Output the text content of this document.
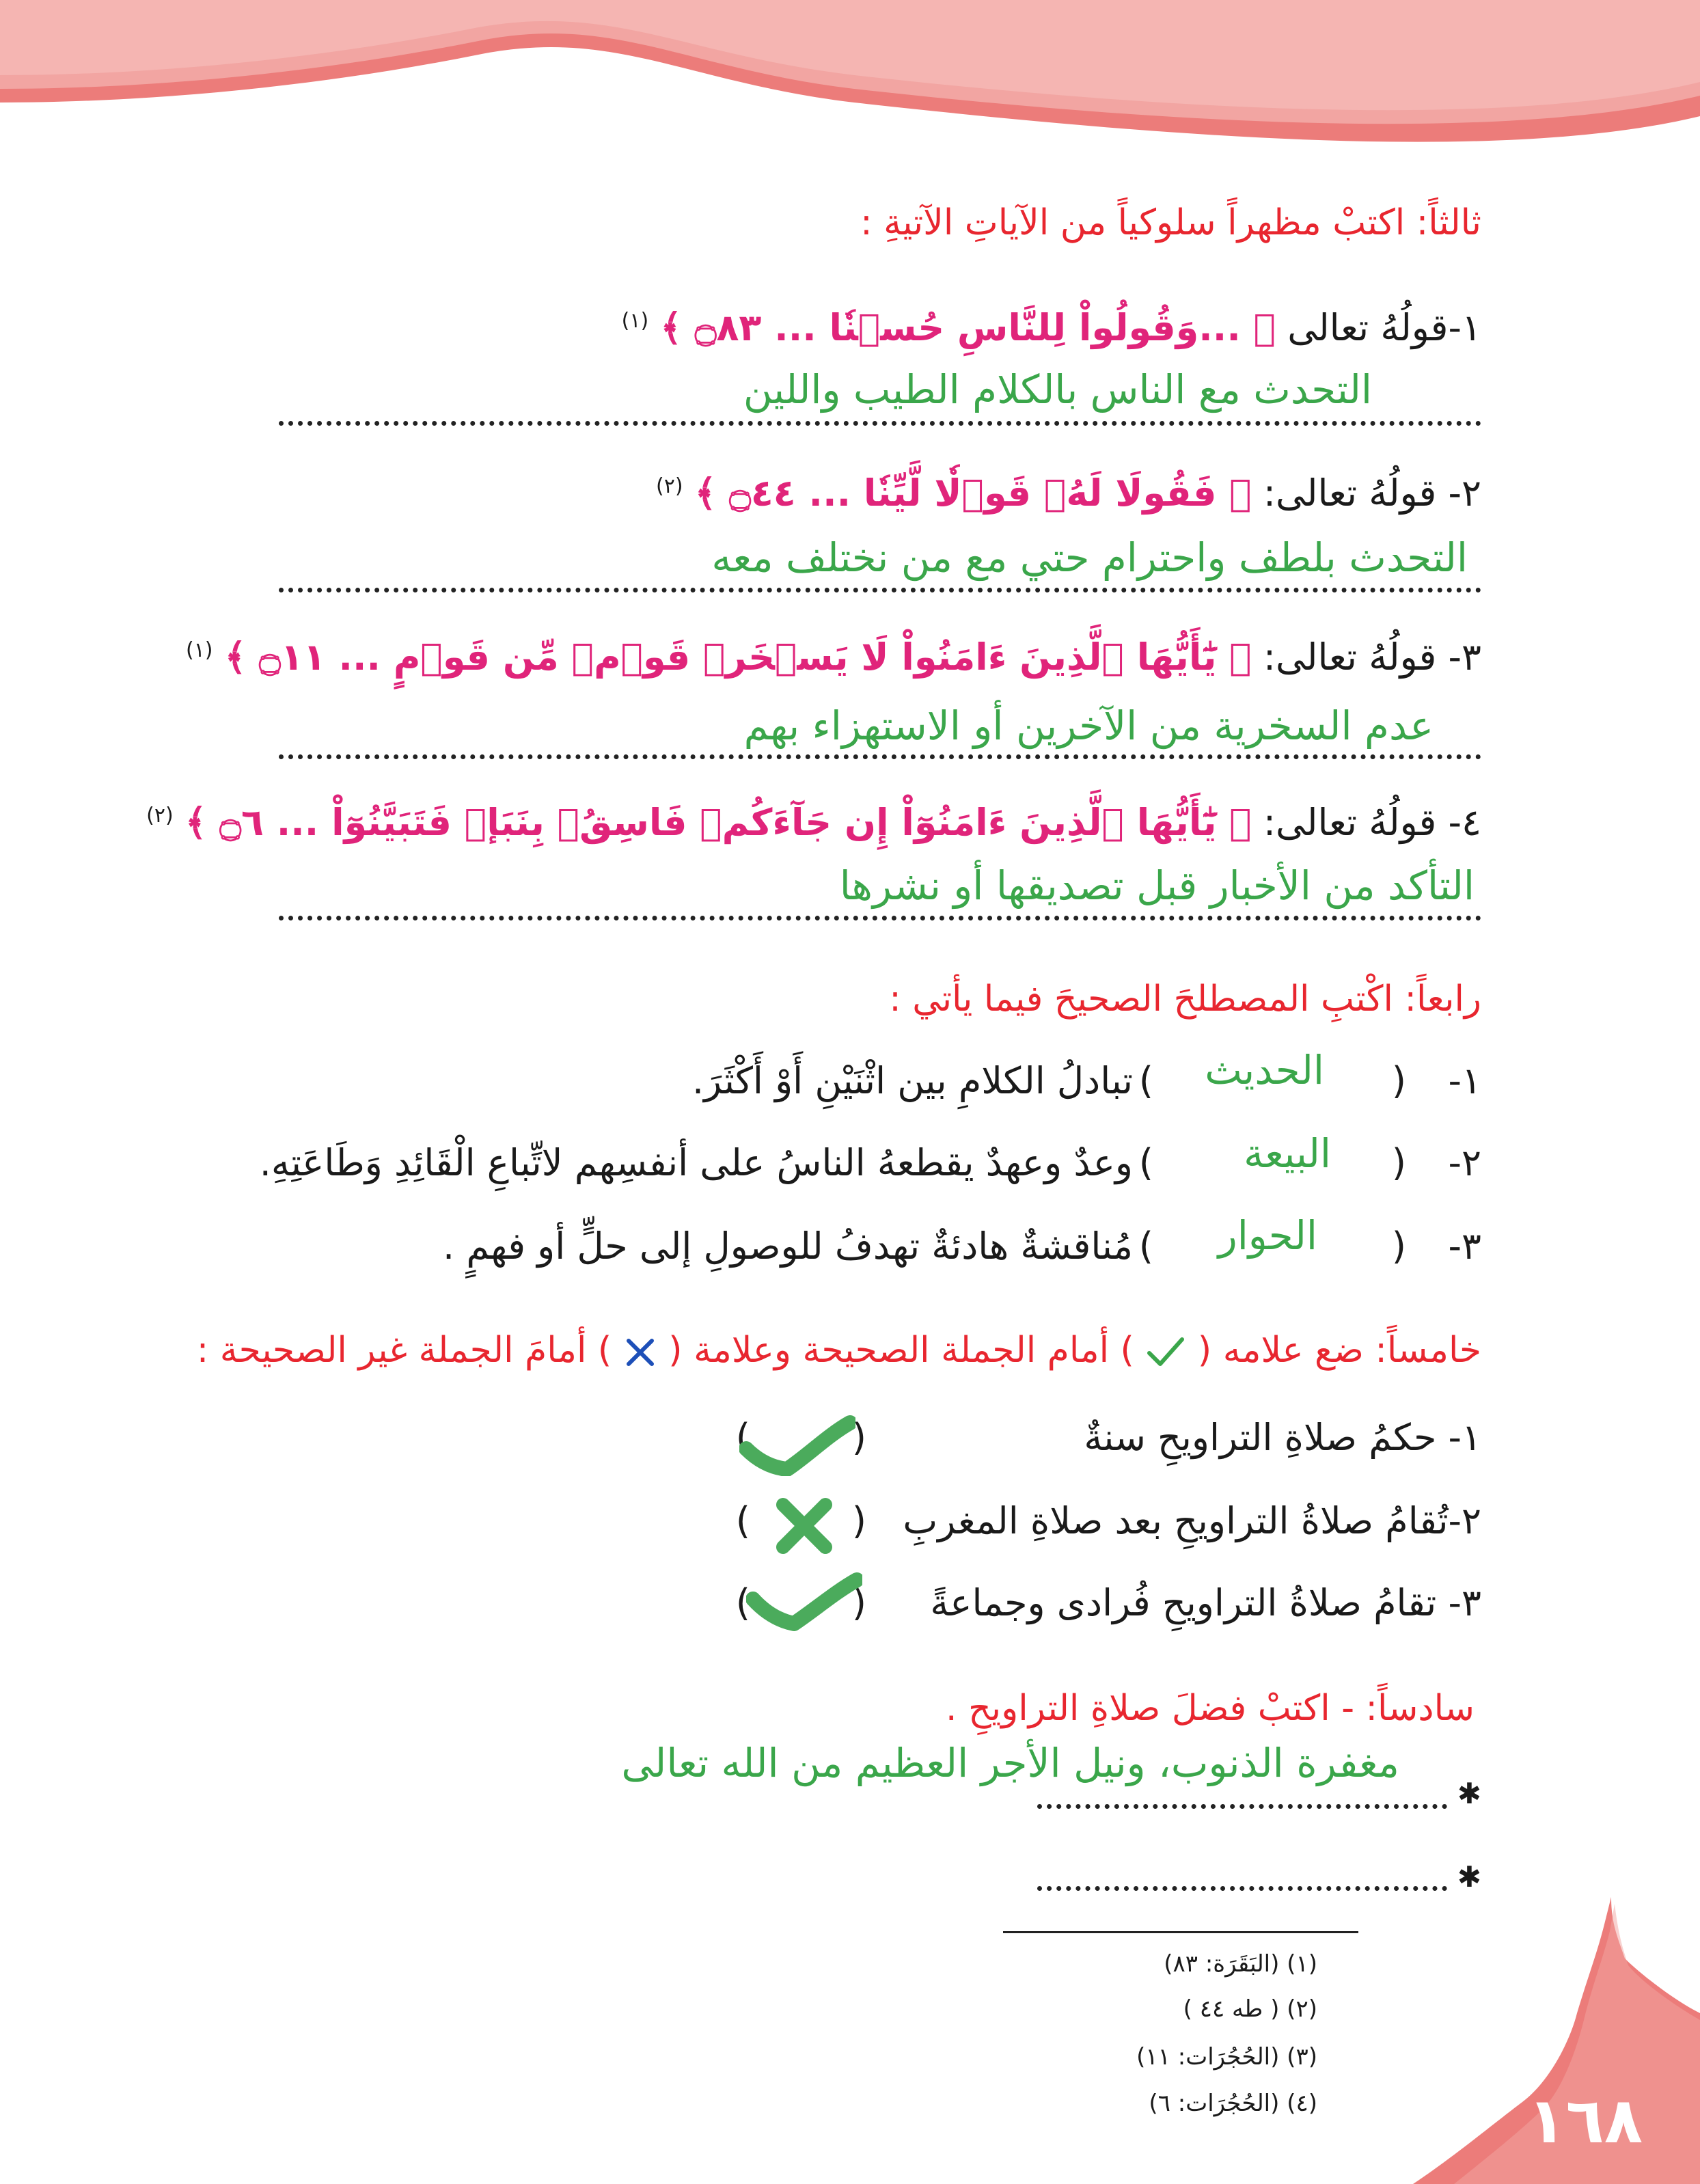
ثالثاً: اكتبْ مظهراً سلوكياً من الآياتِ الآتيةِ :
١-قولُهُ تعالى ﴿ ...وَقُولُواْ لِلنَّاسِ حُسۡنٗا ... ۝٨٣ ﴾ $^{(١)}$
التحدث مع الناس بالكلام الطيب واللين
٢- قولُهُ تعالى: ﴿ فَقُولَا لَهُۥ قَوۡلٗا لَّيِّنٗا ... ۝٤٤ ﴾ $^{(٢)}$
التحدث بلطف واحترام حتي مع من نختلف معه
٣- قولُهُ تعالى: ﴿ يَٰٓأَيُّهَا ٱلَّذِينَ ءَامَنُواْ لَا يَسۡخَرۡ قَوۡمٞ مِّن قَوۡمٍ ... ۝١١ ﴾ $^{(١)}$
عدم السخرية من الآخرين أو الاستهزاء بهم
٤- قولُهُ تعالى: ﴿ يَٰٓأَيُّهَا ٱلَّذِينَ ءَامَنُوٓاْ إِن جَآءَكُمۡ فَاسِقُۢ بِنَبَإٖ فَتَبَيَّنُوٓاْ ... ۝٦ ﴾ $^{(٢)}$
التأكد من الأخبار قبل تصديقها أو نشرها
رابعاً: اكْتبِ المصطلحَ الصحيحَ فيما يأتي :
١-
(
الحديث
)
تبادلُ الكلامِ بين اثْنَيْنِ أَوْ أَكْثَرَ.
٢-
(
البيعة
)
وعدٌ وعهدٌ يقطعهُ الناسُ على أنفسِهم لاتِّباعِ الْقَائِدِ وَطَاعَتِهِ.
٣-
(
الحوار
)
مُناقشةٌ هادئةٌ تهدفُ للوصولِ إلى حلٍّ أو فهمٍ .
خامساً: ضع علامه (  ) أمام الجملة الصحيحة وعلامة (  ) أمامَ الجملة غير الصحيحة :
١- حكمُ صلاةِ التراويحِ سنةٌ
(
)
٢-تُقامُ صلاةُ التراويحِ بعد صلاةِ المغربِ
(
)
٣- تقامُ صلاةُ التراويحِ فُرادى وجماعةً
(
)
سادساً: - اكتبْ فضلَ صلاةِ التراويحِ .
مغفرة الذنوب، ونيل الأجر العظيم من الله تعالى
✱
✱
(١) (البَقَرَة: ٨٣)
(٢) ( طه ٤٤ )
(٣) (الحُجُرَات: ١١)
(٤) (الحُجُرَات: ٦)	١٦٨
